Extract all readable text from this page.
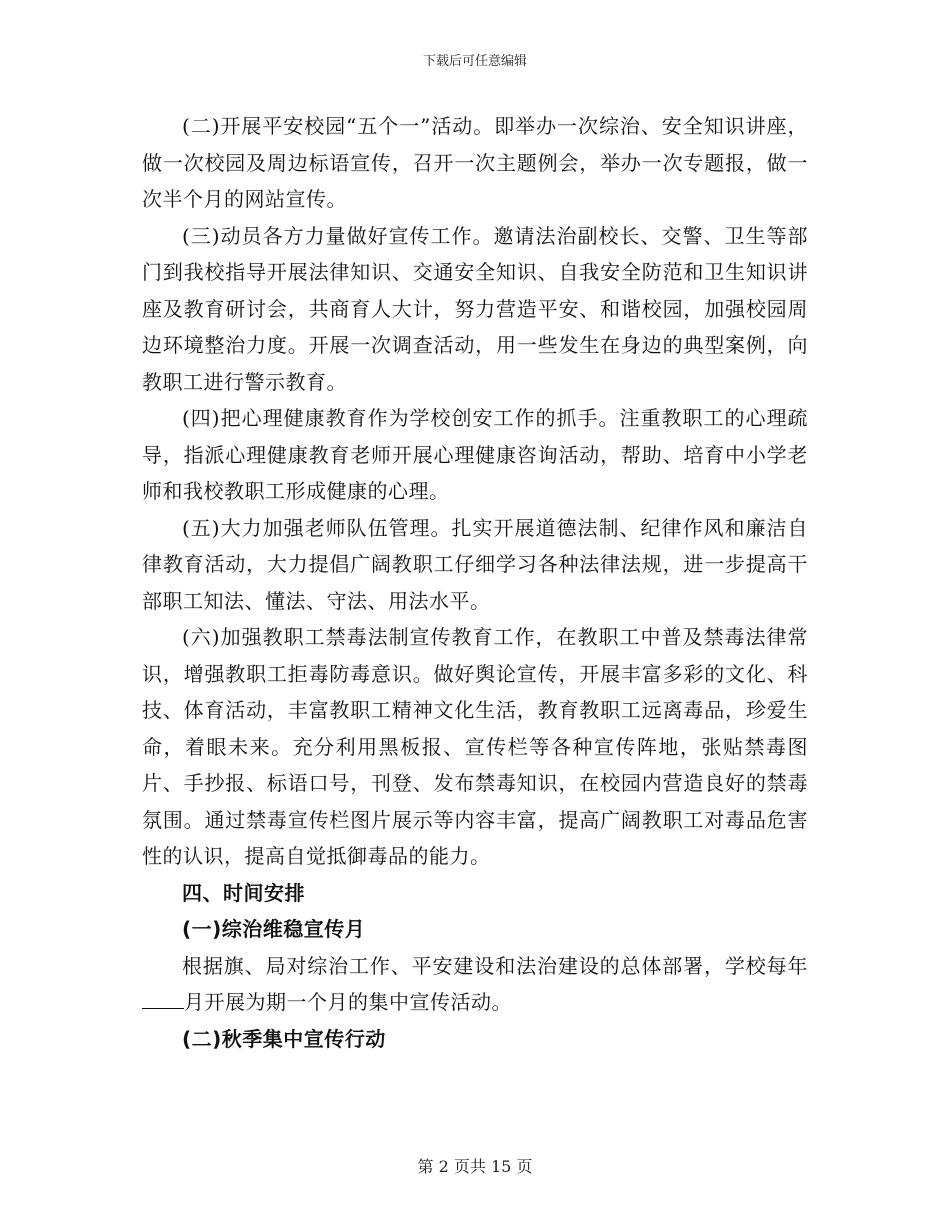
下载后可任意编辑

(二)开展平安校园“五个一”活动。即举办一次综治、安全知识讲座，做一次校园及周边标语宣传，召开一次主题例会，举办一次专题报，做一次半个月的网站宣传。

(三)动员各方力量做好宣传工作。邀请法治副校长、交警、卫生等部门到我校指导开展法律知识、交通安全知识、自我安全防范和卫生知识讲座及教育研讨会，共商育人大计，努力营造平安、和谐校园，加强校园周边环境整治力度。开展一次调查活动，用一些发生在身边的典型案例，向教职工进行警示教育。

(四)把心理健康教育作为学校创安工作的抓手。注重教职工的心理疏导，指派心理健康教育老师开展心理健康咨询活动，帮助、培育中小学老师和我校教职工形成健康的心理。

(五)大力加强老师队伍管理。扎实开展道德法制、纪律作风和廉洁自律教育活动，大力提倡广阔教职工仔细学习各种法律法规，进一步提高干部职工知法、懂法、守法、用法水平。

(六)加强教职工禁毒法制宣传教育工作，在教职工中普及禁毒法律常识，增强教职工拒毒防毒意识。做好舆论宣传，开展丰富多彩的文化、科技、体育活动，丰富教职工精神文化生活，教育教职工远离毒品，珍爱生命，着眼未来。充分利用黑板报、宣传栏等各种宣传阵地，张贴禁毒图片、手抄报、标语口号，刊登、发布禁毒知识，在校园内营造良好的禁毒氛围。通过禁毒宣传栏图片展示等内容丰富，提高广阔教职工对毒品危害性的认识，提高自觉抵御毒品的能力。

四、时间安排

(一)综治维稳宣传月

根据旗、局对综治工作、平安建设和法治建设的总体部署，学校每年月开展为期一个月的集中宣传活动。

(二)秋季集中宣传行动

第 2 页共 15 页
